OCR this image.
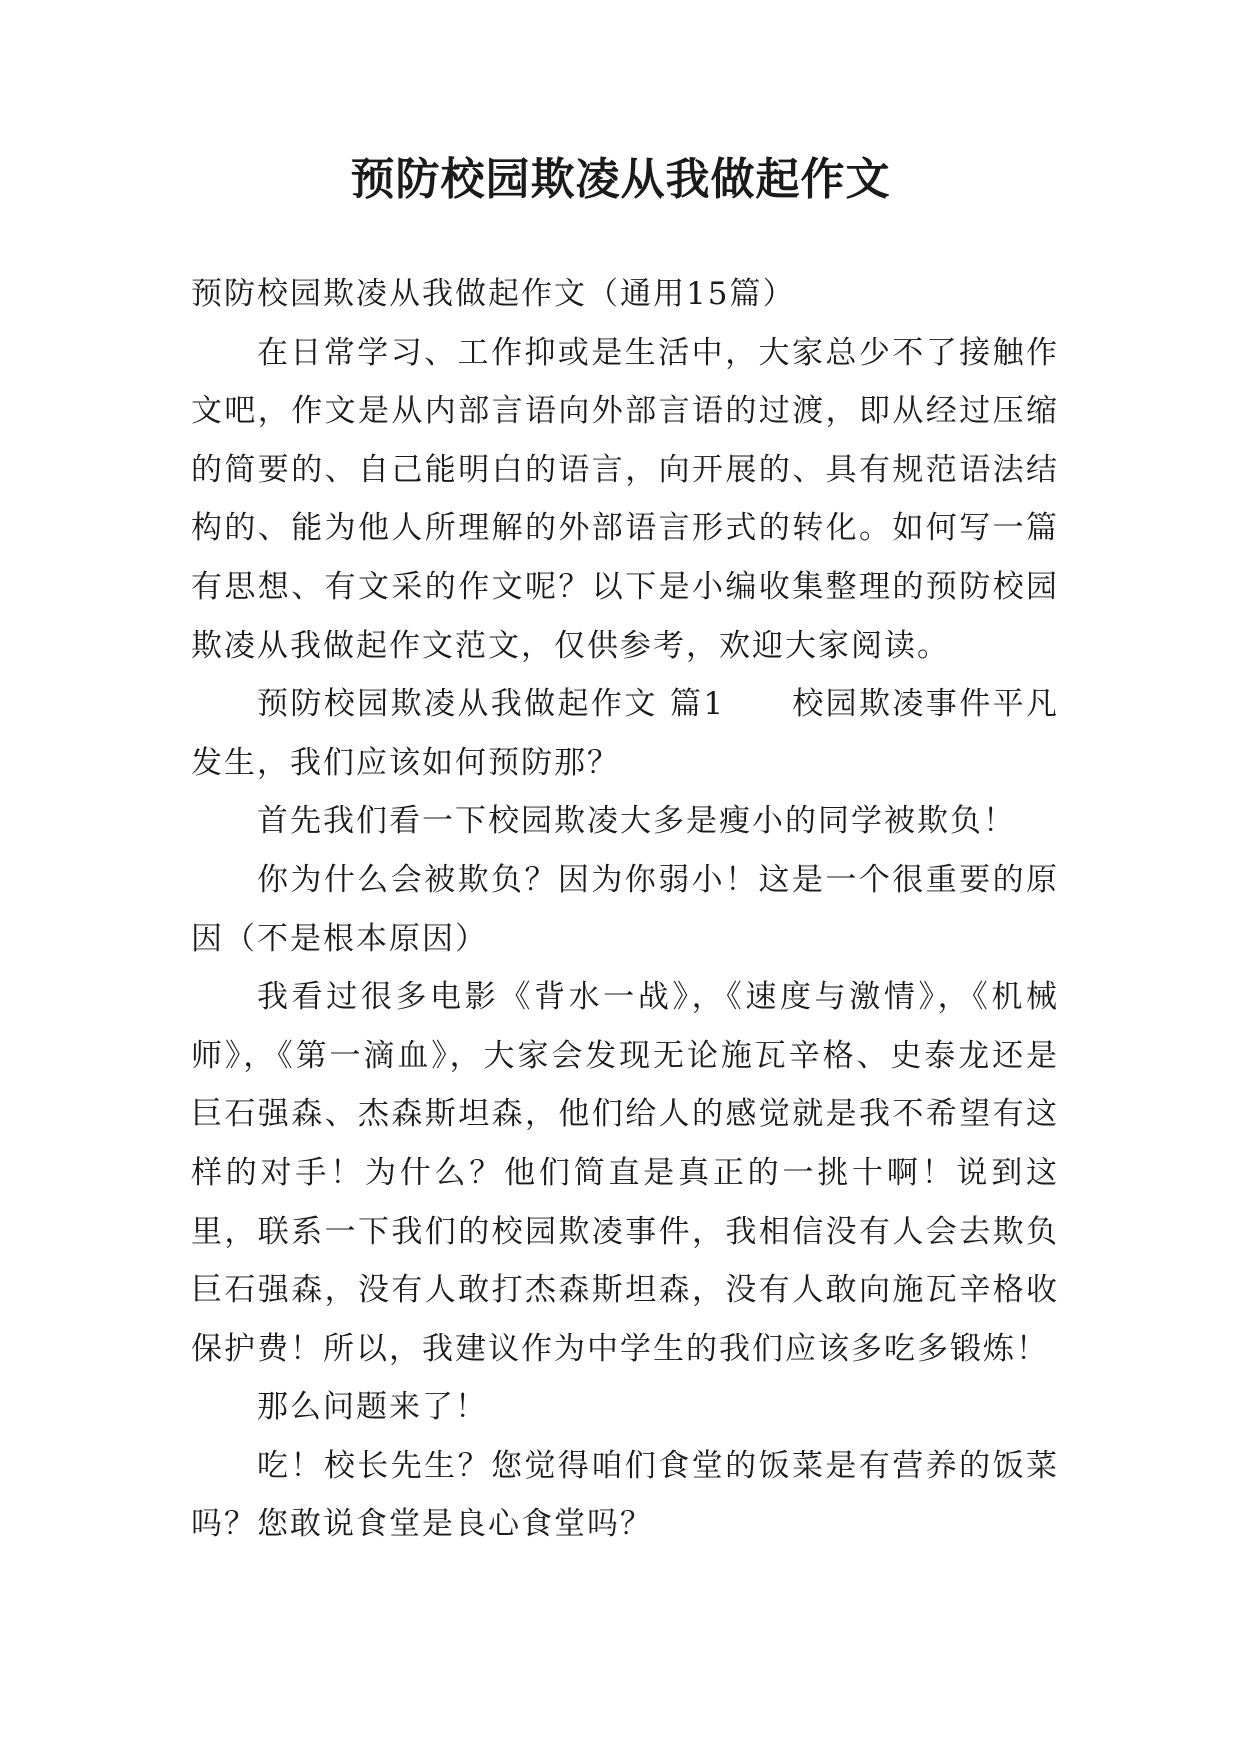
预防校园欺凌从我做起作文

预防校园欺凌从我做起作文（通用15篇）

在日常学习、工作抑或是生活中，大家总少不了接触作文吧，作文是从内部言语向外部言语的过渡，即从经过压缩的简要的、自己能明白的语言，向开展的、具有规范语法结构的、能为他人所理解的外部语言形式的转化。如何写一篇有思想、有文采的作文呢？以下是小编收集整理的预防校园欺凌从我做起作文范文，仅供参考，欢迎大家阅读。

预防校园欺凌从我做起作文 篇1　　校园欺凌事件平凡发生，我们应该如何预防那？

首先我们看一下校园欺凌大多是瘦小的同学被欺负！

你为什么会被欺负？因为你弱小！这是一个很重要的原因（不是根本原因）

我看过很多电影《背水一战》，《速度与激情》，《机械师》，《第一滴血》，大家会发现无论施瓦辛格、史泰龙还是巨石强森、杰森斯坦森，他们给人的感觉就是我不希望有这样的对手！为什么？他们简直是真正的一挑十啊！说到这里，联系一下我们的校园欺凌事件，我相信没有人会去欺负巨石强森，没有人敢打杰森斯坦森，没有人敢向施瓦辛格收保护费！所以，我建议作为中学生的我们应该多吃多锻炼！

那么问题来了！

吃！校长先生？您觉得咱们食堂的饭菜是有营养的饭菜吗？您敢说食堂是良心食堂吗？
